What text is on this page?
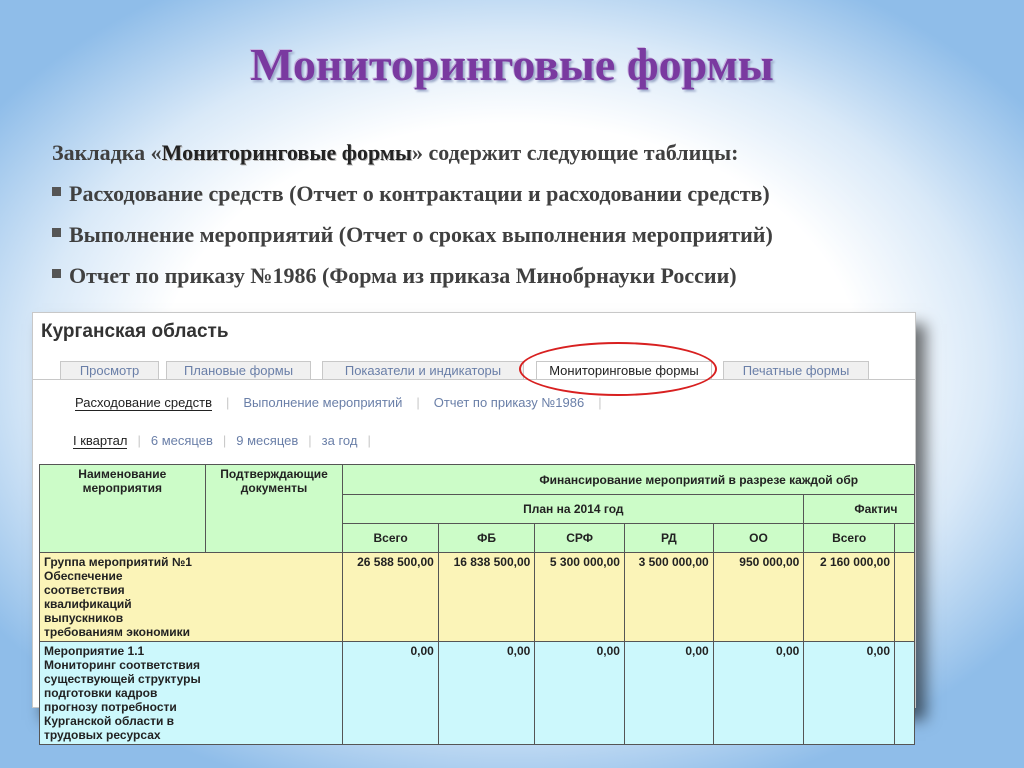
Мониторинговые формы
Закладка «Мониторинговые формы» содержит следующие таблицы:
Расходование средств (Отчет о контрактации и расходовании средств)
Выполнение мероприятий (Отчет о сроках выполнения мероприятий)
Отчет по приказу №1986 (Форма из приказа Минобрнауки России)
Курганская область
Просмотр	Плановые формы	Показатели и индикаторы	Мониторинговые формы	Печатные формы
Расходование средств | Выполнение мероприятий | Отчет по приказу №1986 |
I квартал | 6 месяцев | 9 месяцев | за год |
Наименование мероприятия	Подтверждающие документы	Финансирование мероприятий в разрезе каждой обр						
		План на 2014 год					Фактич	
		Всего	ФБ	СРФ	РД	ОО	Всего	
Группа мероприятий №1 Обеспечение соответствия квалификаций выпускников требованиям экономики		26 588 500,00	16 838 500,00	5 300 000,00	3 500 000,00	950 000,00	2 160 000,00	
Мероприятие 1.1 Мониторинг соответствия существующей структуры подготовки кадров прогнозу потребности Курганской области в трудовых ресурсах		0,00	0,00	0,00	0,00	0,00	0,00	
